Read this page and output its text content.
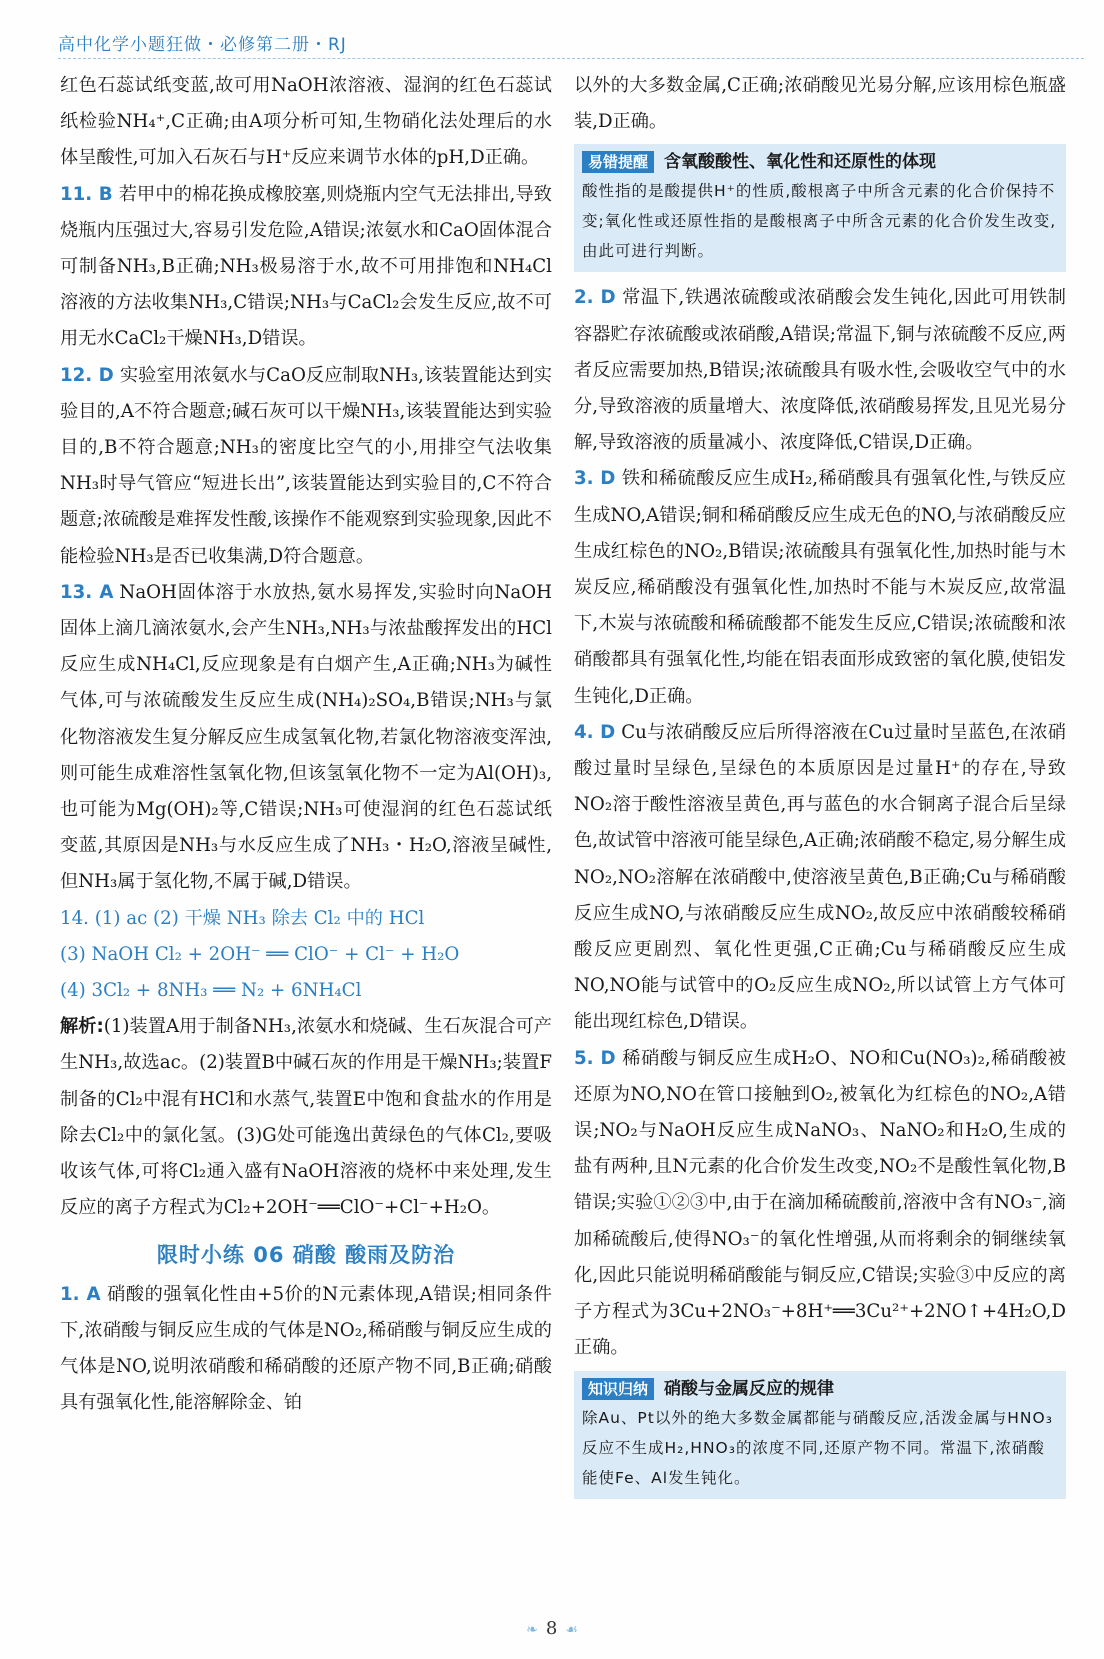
高中化学小题狂做・必修第二册・RJ

红色石蕊试纸变蓝,故可用NaOH浓溶液、湿润的红色石蕊试纸检验NH₄⁺,C正确;由A项分析可知,生物硝化法处理后的水体呈酸性,可加入石灰石与H⁺反应来调节水体的pH,D正确。

11. B 若甲中的棉花换成橡胶塞,则烧瓶内空气无法排出,导致烧瓶内压强过大,容易引发危险,A错误;浓氨水和CaO固体混合可制备NH₃,B正确;NH₃极易溶于水,故不可用排饱和NH₄Cl溶液的方法收集NH₃,C错误;NH₃与CaCl₂会发生反应,故不可用无水CaCl₂干燥NH₃,D错误。

12. D 实验室用浓氨水与CaO反应制取NH₃,该装置能达到实验目的,A不符合题意;碱石灰可以干燥NH₃,该装置能达到实验目的,B不符合题意;NH₃的密度比空气的小,用排空气法收集NH₃时导气管应“短进长出”,该装置能达到实验目的,C不符合题意;浓硫酸是难挥发性酸,该操作不能观察到实验现象,因此不能检验NH₃是否已收集满,D符合题意。

13. A NaOH固体溶于水放热,氨水易挥发,实验时向NaOH固体上滴几滴浓氨水,会产生NH₃,NH₃与浓盐酸挥发出的HCl反应生成NH₄Cl,反应现象是有白烟产生,A正确;NH₃为碱性气体,可与浓硫酸发生反应生成(NH₄)₂SO₄,B错误;NH₃与氯化物溶液发生复分解反应生成氢氧化物,若氯化物溶液变浑浊,则可能生成难溶性氢氧化物,但该氢氧化物不一定为Al(OH)₃,也可能为Mg(OH)₂等,C错误;NH₃可使湿润的红色石蕊试纸变蓝,其原因是NH₃与水反应生成了NH₃・H₂O,溶液呈碱性,但NH₃属于氢化物,不属于碱,D错误。

14. (1) ac (2) 干燥 NH₃ 除去 Cl₂ 中的 HCl

(3) NaOH Cl₂ + 2OH⁻ ══ ClO⁻ + Cl⁻ + H₂O

(4) 3Cl₂ + 8NH₃ ══ N₂ + 6NH₄Cl

解析:(1)装置A用于制备NH₃,浓氨水和烧碱、生石灰混合可产生NH₃,故选ac。(2)装置B中碱石灰的作用是干燥NH₃;装置F制备的Cl₂中混有HCl和水蒸气,装置E中饱和食盐水的作用是除去Cl₂中的氯化氢。(3)G处可能逸出黄绿色的气体Cl₂,要吸收该气体,可将Cl₂通入盛有NaOH溶液的烧杯中来处理,发生反应的离子方程式为Cl₂+2OH⁻══ClO⁻+Cl⁻+H₂O。

限时小练 06 硝酸 酸雨及防治

1. A 硝酸的强氧化性由+5价的N元素体现,A错误;相同条件下,浓硝酸与铜反应生成的气体是NO₂,稀硝酸与铜反应生成的气体是NO,说明浓硝酸和稀硝酸的还原产物不同,B正确;硝酸具有强氧化性,能溶解除金、铂

以外的大多数金属,C正确;浓硝酸见光易分解,应该用棕色瓶盛装,D正确。

易错提醒 含氧酸酸性、氧化性和还原性的体现
酸性指的是酸提供H⁺的性质,酸根离子中所含元素的化合价保持不变;氧化性或还原性指的是酸根离子中所含元素的化合价发生改变,由此可进行判断。

2. D 常温下,铁遇浓硫酸或浓硝酸会发生钝化,因此可用铁制容器贮存浓硫酸或浓硝酸,A错误;常温下,铜与浓硫酸不反应,两者反应需要加热,B错误;浓硫酸具有吸水性,会吸收空气中的水分,导致溶液的质量增大、浓度降低,浓硝酸易挥发,且见光易分解,导致溶液的质量减小、浓度降低,C错误,D正确。

3. D 铁和稀硫酸反应生成H₂,稀硝酸具有强氧化性,与铁反应生成NO,A错误;铜和稀硝酸反应生成无色的NO,与浓硝酸反应生成红棕色的NO₂,B错误;浓硫酸具有强氧化性,加热时能与木炭反应,稀硝酸没有强氧化性,加热时不能与木炭反应,故常温下,木炭与浓硫酸和稀硫酸都不能发生反应,C错误;浓硫酸和浓硝酸都具有强氧化性,均能在铝表面形成致密的氧化膜,使铝发生钝化,D正确。

4. D Cu与浓硝酸反应后所得溶液在Cu过量时呈蓝色,在浓硝酸过量时呈绿色,呈绿色的本质原因是过量H⁺的存在,导致NO₂溶于酸性溶液呈黄色,再与蓝色的水合铜离子混合后呈绿色,故试管中溶液可能呈绿色,A正确;浓硝酸不稳定,易分解生成NO₂,NO₂溶解在浓硝酸中,使溶液呈黄色,B正确;Cu与稀硝酸反应生成NO,与浓硝酸反应生成NO₂,故反应中浓硝酸较稀硝酸反应更剧烈、氧化性更强,C正确;Cu与稀硝酸反应生成NO,NO能与试管中的O₂反应生成NO₂,所以试管上方气体可能出现红棕色,D错误。

5. D 稀硝酸与铜反应生成H₂O、NO和Cu(NO₃)₂,稀硝酸被还原为NO,NO在管口接触到O₂,被氧化为红棕色的NO₂,A错误;NO₂与NaOH反应生成NaNO₃、NaNO₂和H₂O,生成的盐有两种,且N元素的化合价发生改变,NO₂不是酸性氧化物,B错误;实验①②③中,由于在滴加稀硫酸前,溶液中含有NO₃⁻,滴加稀硫酸后,使得NO₃⁻的氧化性增强,从而将剩余的铜继续氧化,因此只能说明稀硝酸能与铜反应,C错误;实验③中反应的离子方程式为3Cu+2NO₃⁻+8H⁺══3Cu²⁺+2NO↑+4H₂O,D正确。

知识归纳 硝酸与金属反应的规律
除Au、Pt以外的绝大多数金属都能与硝酸反应,活泼金属与HNO₃反应不生成H₂,HNO₃的浓度不同,还原产物不同。常温下,浓硝酸能使Fe、Al发生钝化。
❧ 8 ☙
